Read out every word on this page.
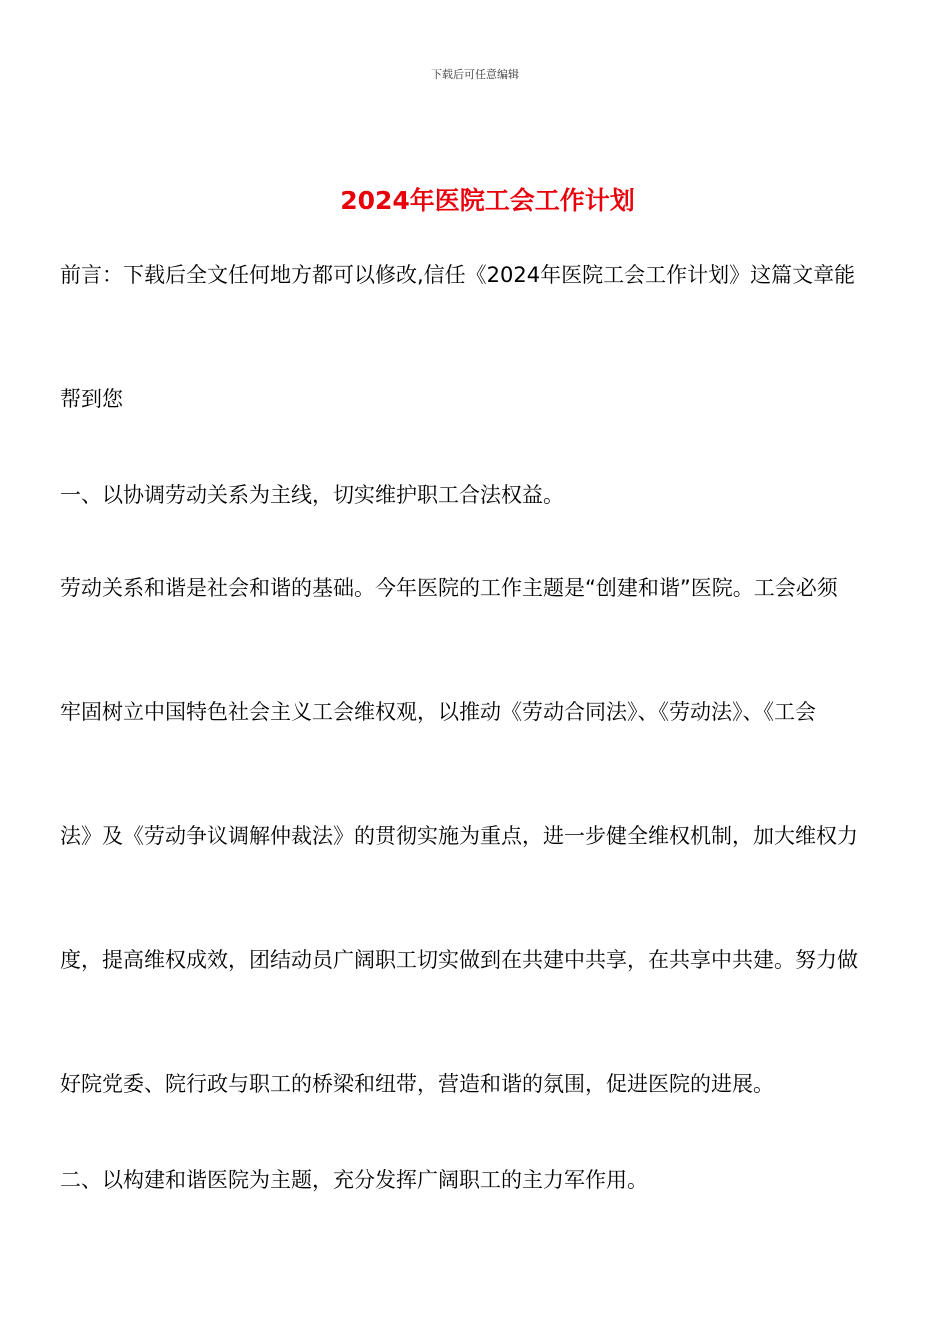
下载后可任意编辑
2024年医院工会工作计划

前言：下载后全文任何地方都可以修改,信任《2024年医院工会工作计划》这篇文章能

帮到您

一、以协调劳动关系为主线，切实维护职工合法权益。

劳动关系和谐是社会和谐的基础。今年医院的工作主题是“创建和谐”医院。工会必须

牢固树立中国特色社会主义工会维权观，以推动《劳动合同法》、《劳动法》、《工会

法》及《劳动争议调解仲裁法》的贯彻实施为重点，进一步健全维权机制，加大维权力

度，提高维权成效，团结动员广阔职工切实做到在共建中共享，在共享中共建。努力做

好院党委、院行政与职工的桥梁和纽带，营造和谐的氛围，促进医院的进展。

二、以构建和谐医院为主题，充分发挥广阔职工的主力军作用。
